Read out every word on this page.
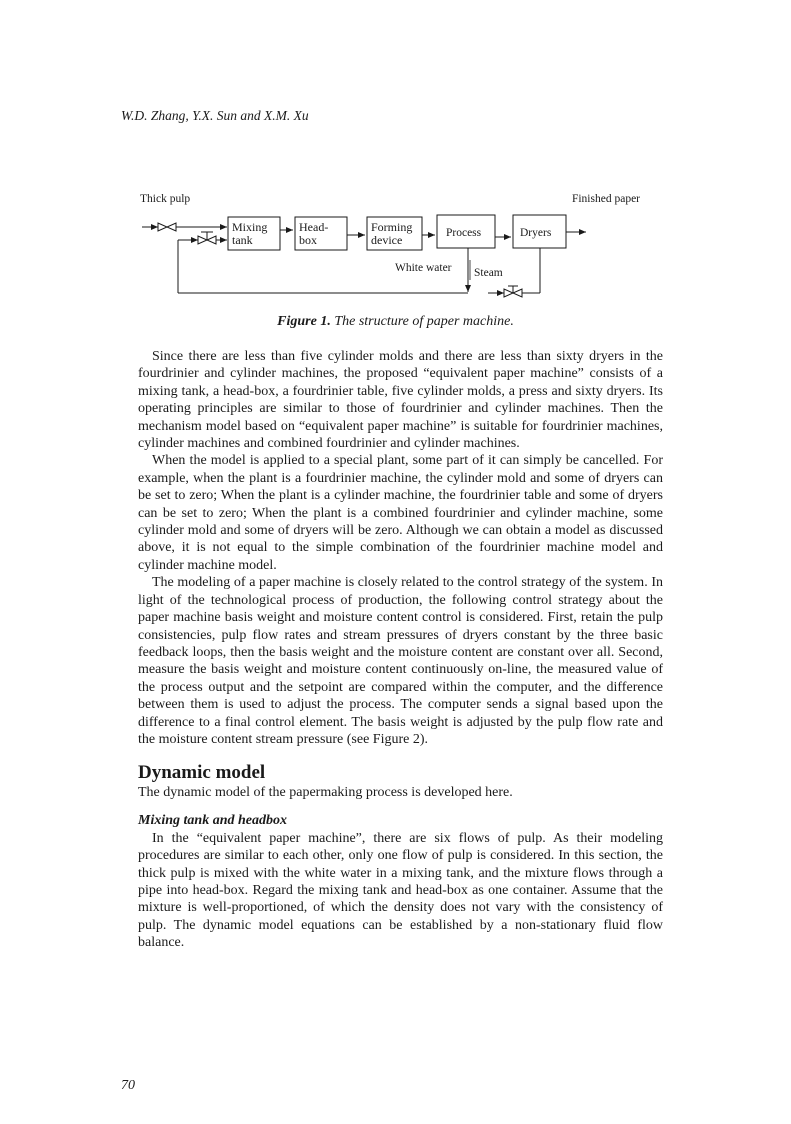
W.D. Zhang, Y.X. Sun and X.M. Xu
Thick pulp	Finished paper
Mixing
tank
Head-
box
Forming
device	Process	Dryers
White water Steam
Figure 1. The structure of paper machine.

Since there are less than five cylinder molds and there are less than sixty dryers in the fourdrinier and cylinder machines, the proposed “equivalent paper machine” consists of a mixing tank, a head-box, a fourdrinier table, five cylinder molds, a press and sixty dryers. Its operating principles are similar to those of fourdrinier and cylinder machines. Then the mechanism model based on “equivalent paper machine” is suitable for fourdrinier machines, cylinder machines and combined fourdrinier and cylinder machines.

When the model is applied to a special plant, some part of it can simply be cancelled. For example, when the plant is a fourdrinier machine, the cylinder mold and some of dryers can be set to zero; When the plant is a cylinder machine, the fourdrinier table and some of dryers can be set to zero; When the plant is a combined fourdrinier and cylinder machine, some cylinder mold and some of dryers will be zero. Although we can obtain a model as discussed above, it is not equal to the simple combination of the fourdrinier machine model and cylinder machine model.

The modeling of a paper machine is closely related to the control strategy of the system. In light of the technological process of production, the following control strategy about the paper machine basis weight and moisture content control is considered. First, retain the pulp consistencies, pulp flow rates and stream pressures of dryers constant by the three basic feedback loops, then the basis weight and the moisture content are constant over all. Second, measure the basis weight and moisture content continuously on-line, the measured value of the process output and the setpoint are compared within the computer, and the difference between them is used to adjust the process. The computer sends a signal based upon the difference to a final control element. The basis weight is adjusted by the pulp flow rate and the moisture content stream pressure (see Figure 2).

Dynamic model

The dynamic model of the papermaking process is developed here.

Mixing tank and headbox

In the “equivalent paper machine”, there are six flows of pulp. As their modeling procedures are similar to each other, only one flow of pulp is considered. In this section, the thick pulp is mixed with the white water in a mixing tank, and the mixture flows through a pipe into head-box. Regard the mixing tank and head-box as one container. Assume that the mixture is well-proportioned, of which the density does not vary with the consistency of pulp. The dynamic model equations can be established by a non-stationary fluid flow balance.

70
